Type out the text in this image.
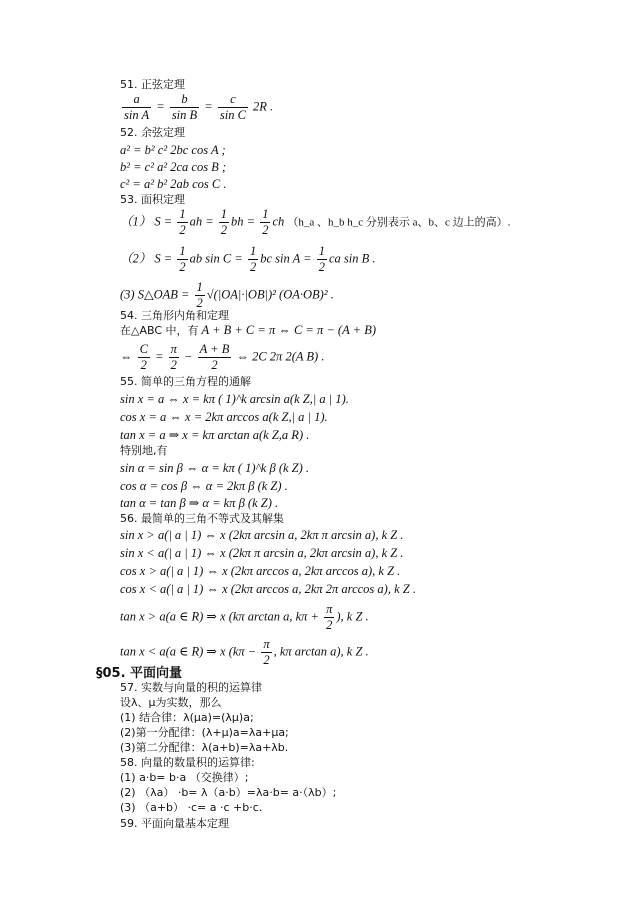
51. 正弦定理
$\frac{a}{\text{sin A}} = \frac{b}{\text{sin B}} = \frac{c}{\text{sin C}} 2R$ .
52. 余弦定理
a² = b² c² 2bc cos A ;
b² = c² a² 2ca cos B ;
c² = a² b² 2ab cos C .
53. 面积定理
（1） $S = \frac{1}{2}$ ah = $\frac{1}{2}$ bh = $\frac{1}{2}$ ch （h_a 、h_b h_c 分别表示 a、b、c 边上的高）.
（2） $S = \frac{1}{2}$ ab $\sin C = \frac{1}{2}$ bc $\sin A = \frac{1}{2}$ ca sin B .
(3) S△OAB = $\frac{1}{2} √(|OA|\cdot|OB|)^2$ (OA·OB)² .
54. 三角形内角和定理
在△ABC 中，有 A + B + C = π ⇔ C = π − (A + B)
⇔ $\frac{C}{2} = \frac{\pi}{2} - \frac{A + B}{2}$ ⇔ 2C 2π 2(A B) .
55. 简单的三角方程的通解
sin x = a ⇔ x = kπ ( 1)^k arcsin a(k Z,| a | 1).
cos x = a ⇔ x = 2kπ arccos a(k Z,| a | 1).
tan x = a ⇒ x = kπ arctan a(k Z,a R) .
特别地,有
sin α = sin β ⇔ α = kπ ( 1)^k β (k Z) .
cos α = cos β ⇔ α = 2kπ β (k Z) .
tan α = tan β ⇒ α = kπ β (k Z) .
56. 最简单的三角不等式及其解集
sin x > a(| a | 1) ⇔ x (2kπ arcsin a, 2kπ π arcsin a), k Z .
sin x < a(| a | 1) ⇔ x (2kπ π arcsin a, 2kπ arcsin a), k Z .
cos x > a(| a | 1) ⇔ x (2kπ arccos a, 2kπ arccos a), k Z .
cos x < a(| a | 1) ⇔ x (2kπ arccos a, 2kπ 2π arccos a), k Z .
tan x > a(a ∈ R) ⇒ x (kπ arctan a, $k\pi + \frac{\pi}{2}$ ), k Z .
tan x < a(a ∈ R) ⇒ x ($k\pi - \frac{\pi}{2}$ , kπ arctan a), k Z .
§05. 平面向量
57. 实数与向量的积的运算律
设λ、μ为实数，那么
(1) 结合律：λ(μa)=(λμ)a;
(2)第一分配律：(λ+μ)a=λa+μa;
(3)第二分配律：λ(a+b)=λa+λb.
58. 向量的数量积的运算律:
(1) a·b= b·a （交换律）;
(2) （λa） ·b= λ（a·b）=λa·b= a·（λb）;
(3) （a+b） ·c= a ·c +b·c.
59. 平面向量基本定理
